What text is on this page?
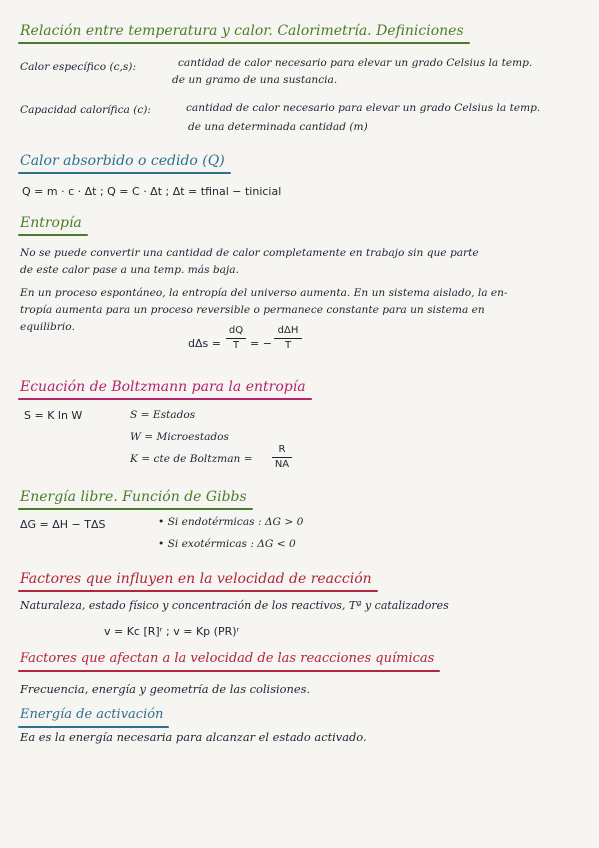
Relación entre temperatura y calor. Calorimetría. Definiciones
Calor específico (c,s):	cantidad de calor necesario para elevar un grado Celsius la temp.
de un gramo de una sustancia.
Capacidad calorífica (c):	cantidad de calor necesario para elevar un grado Celsius la temp.
de una determinada cantidad (m)
Calor absorbido o cedido (Q)
Q = m · c · Δt ; Q = C · Δt ; Δt = tfinal − tinicial
Entropía
No se puede convertir una cantidad de calor completamente en trabajo sin que parte
de este calor pase a una temp. más baja.
En un proceso espontáneo, la entropía del universo aumenta. En un sistema aislado, la en-
tropía aumenta para un proceso reversible o permanece constante para un sistema en
equilibrio.
dΔs =
dQ
T = −
dΔH
T
Ecuación de Boltzmann para la entropía
S = K ln W	S = Estados
W = Microestados
K = cte de Boltzman =
R
NA
Energía libre. Función de Gibbs
ΔG = ΔH − TΔS	• Si endotérmicas : ΔG > 0
• Si exotérmicas : ΔG < 0
Factores que influyen en la velocidad de reacción
Naturaleza, estado físico y concentración de los reactivos, Tª y catalizadores
v = Kc [R]ʳ ; v = Kp (PR)ʳ
Factores que afectan a la velocidad de las reacciones químicas
Frecuencia, energía y geometría de las colisiones.
Energía de activación
Ea es la energía necesaria para alcanzar el estado activado.
